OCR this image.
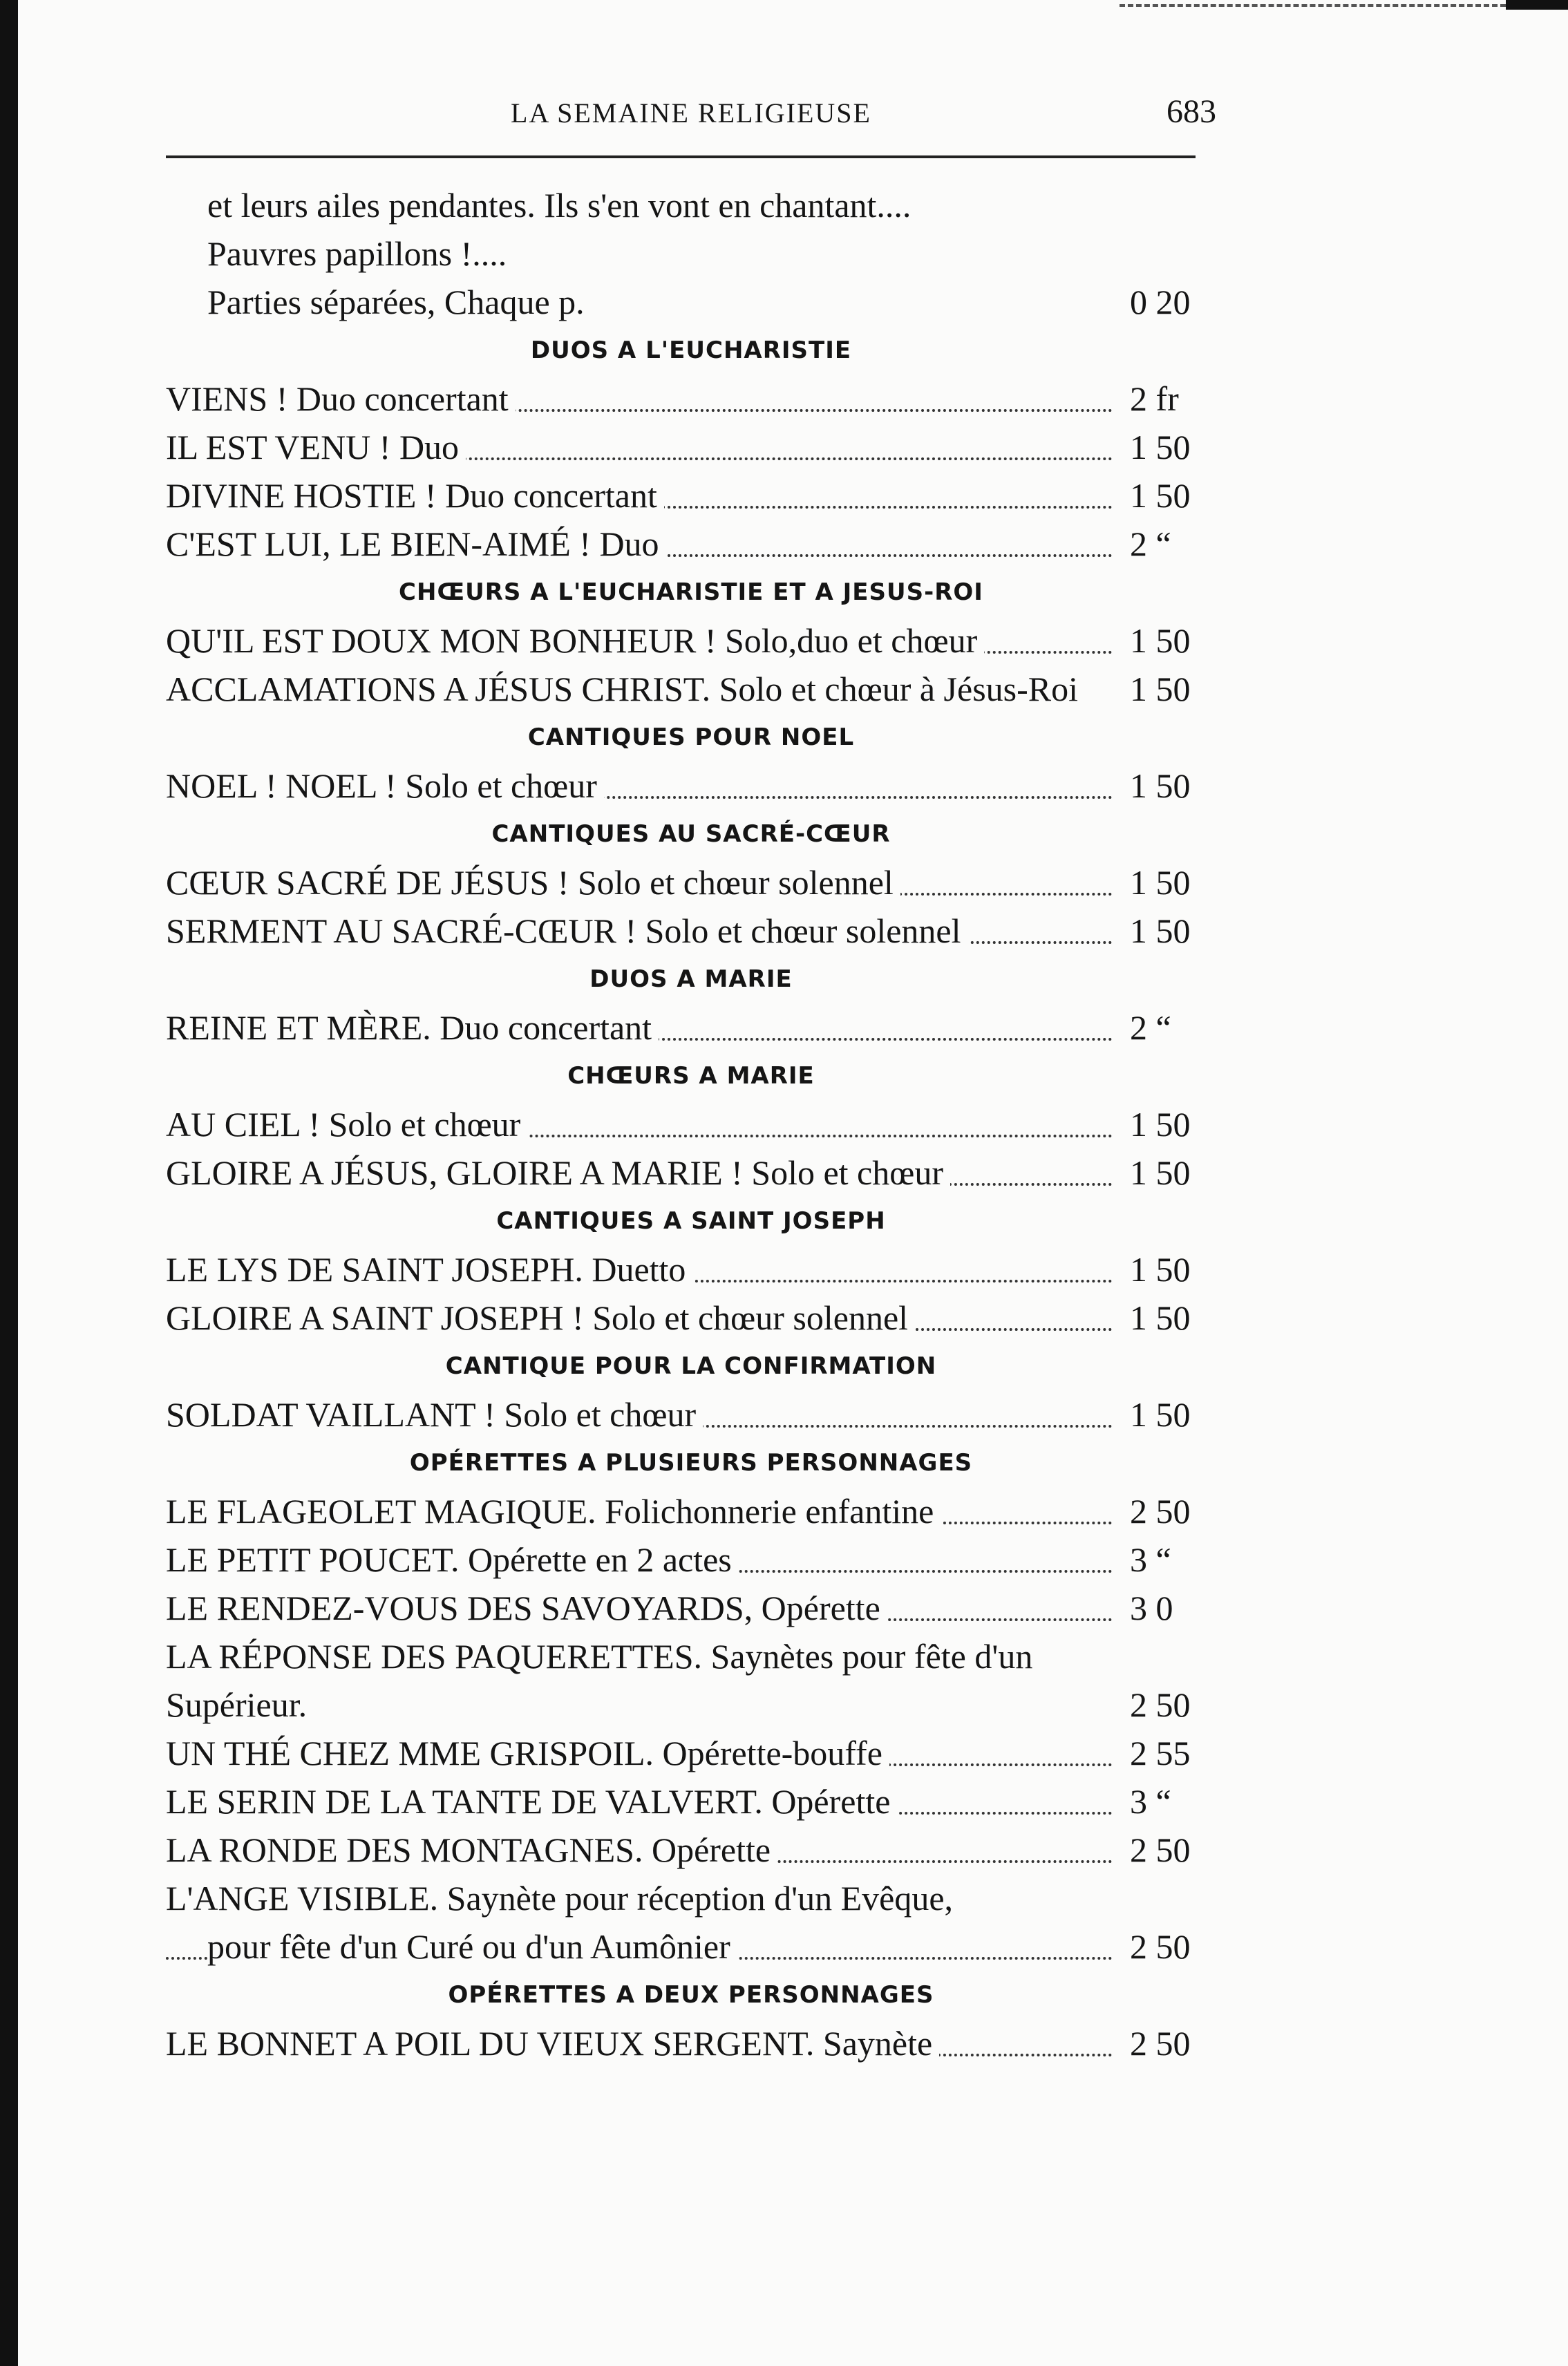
LA SEMAINE RELIGIEUSE	683
et leurs ailes pendantes. Ils s'en vont en chantant....
Pauvres papillons !....
Parties séparées, Chaque p.	0 20
DUOS A L'EUCHARISTIE
VIENS ! Duo concertant	2 fr
IL EST VENU ! Duo	1 50
DIVINE HOSTIE ! Duo concertant	1 50
C'EST LUI, LE BIEN-AIMÉ ! Duo	2 “
CHŒURS A L'EUCHARISTIE ET A JESUS-ROI
QU'IL EST DOUX MON BONHEUR ! Solo,duo et chœur	1 50
ACCLAMATIONS A JÉSUS CHRIST. Solo et chœur à Jésus-Roi 1 50
CANTIQUES POUR NOEL
NOEL ! NOEL ! Solo et chœur	1 50
CANTIQUES AU SACRÉ-CŒUR
CŒUR SACRÉ DE JÉSUS ! Solo et chœur solennel	1 50
SERMENT AU SACRÉ-CŒUR ! Solo et chœur solennel	1 50
DUOS A MARIE
REINE ET MÈRE. Duo concertant	2 “
CHŒURS A MARIE
AU CIEL ! Solo et chœur	1 50
GLOIRE A JÉSUS, GLOIRE A MARIE ! Solo et chœur	1 50
CANTIQUES A SAINT JOSEPH
LE LYS DE SAINT JOSEPH. Duetto	1 50
GLOIRE A SAINT JOSEPH ! Solo et chœur solennel	1 50
CANTIQUE POUR LA CONFIRMATION
SOLDAT VAILLANT ! Solo et chœur	1 50
OPÉRETTES A PLUSIEURS PERSONNAGES
LE FLAGEOLET MAGIQUE. Folichonnerie enfantine	2 50
LE PETIT POUCET. Opérette en 2 actes	3 “
LE RENDEZ-VOUS DES SAVOYARDS, Opérette	3 0
LA RÉPONSE DES PAQUERETTES. Saynètes pour fête d'un
Supérieur.	2 50
UN THÉ CHEZ MME GRISPOIL. Opérette-bouffe	2 55
LE SERIN DE LA TANTE DE VALVERT. Opérette	3 “
LA RONDE DES MONTAGNES. Opérette	2 50
L'ANGE VISIBLE. Saynète pour réception d'un Evêque,
pour fête d'un Curé ou d'un Aumônier	2 50
OPÉRETTES A DEUX PERSONNAGES
LE BONNET A POIL DU VIEUX SERGENT. Saynète	2 50
